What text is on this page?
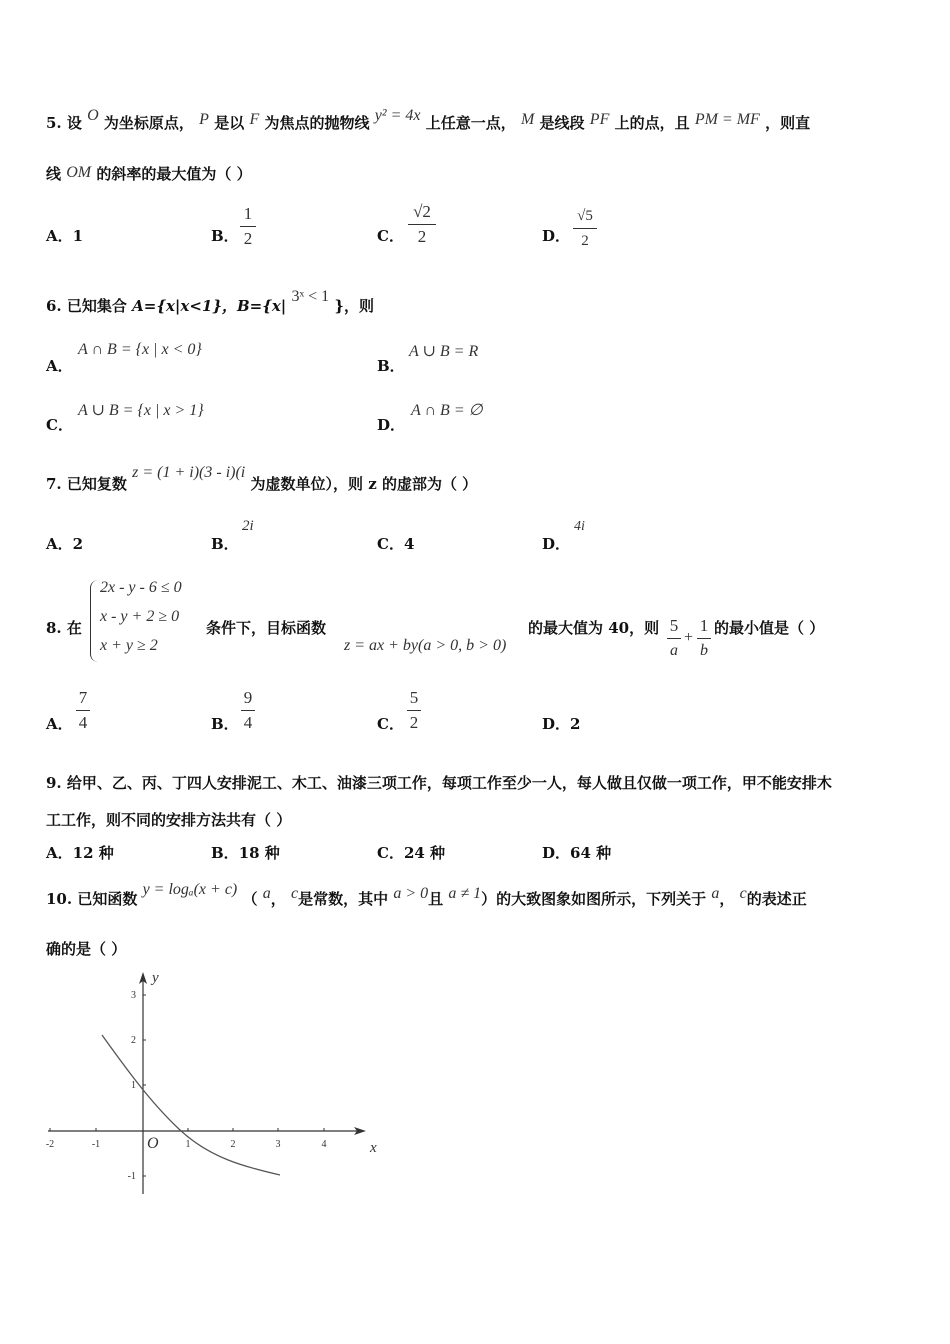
5. 设 O 为坐标原点， P 是以 F 为焦点的抛物线 y² = 4x 上任意一点， M 是线段 PF 上的点，且 PM = MF ，则直
线 OM 的斜率的最大值为（ ）
A．1	B．
1
2	C．
√2
2	D．
√5
2
6. 已知集合 A={x|x<1}，B={x| 3ˣ < 1 }，则
A．
A ∩ B = {x | x < 0}
B．
A ∪ B = R
C．
A ∪ B = {x | x > 1}
D．
A ∩ B = ∅
7. 已知复数 z = (1 + i)(3 - i)(i 为虚数单位），则 z 的虚部为（ ）
A．2	B．
2i
C．4	D．
4i
8. 在
2x - y - 6 ≤ 0
x - y + 2 ≥ 0
x + y ≥ 2
条件下，目标函数
z = ax + by(a > 0, b > 0)
的最大值为 40，则 5
a
+
1
b
的最小值是（ ）
A．
7
4	B．
9
4	C．
5
2	D．2
9. 给甲、乙、丙、丁四人安排泥工、木工、油漆三项工作，每项工作至少一人，每人做且仅做一项工作，甲不能安排木
工工作，则不同的安排方法共有（ ）
A．12 种	B．18 种	C．24 种	D．64 种
10. 已知函数 y = logₐ(x + c) （ a， c是常数，其中 a > 0且 a ≠ 1）的大致图象如图所示，下列关于 a， c的表述正
确的是（ ）
-2	-1	1	2	3	4
3
2
1
-1
O	x
y
